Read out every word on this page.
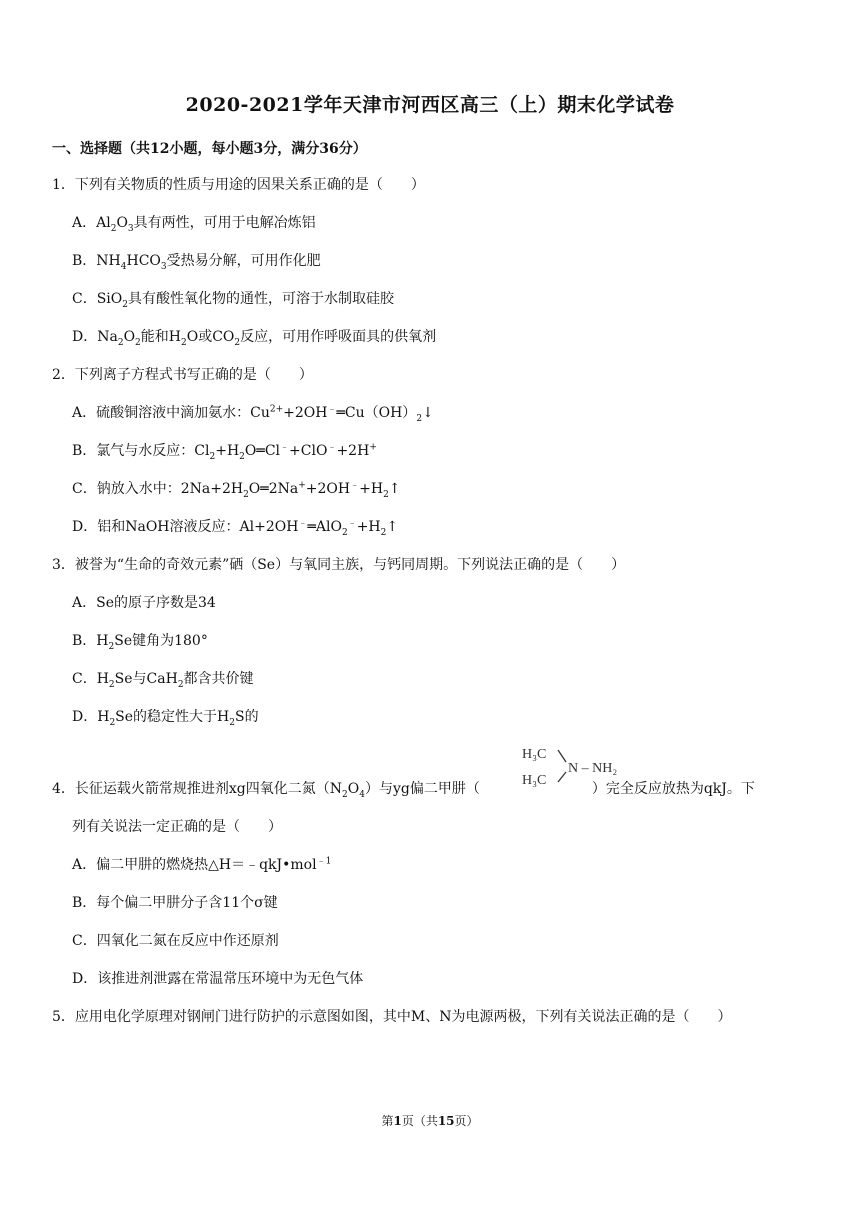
2020-2021学年天津市河西区高三（上）期末化学试卷
一、选择题（共12小题，每小题3分，满分36分）
1．下列有关物质的性质与用途的因果关系正确的是（　　）
A．$Al_2O_3$具有两性，可用于电解冶炼铝
B．$NH_4HCO_3$受热易分解，可用作化肥
C．SiO$_2$具有酸性氧化物的通性，可溶于水制取硅胶
D．$Na_2O_2$能和$H_2O$或$CO_2$反应，可用作呼吸面具的供氧剂
2．下列离子方程式书写正确的是（　　）
A．硫酸铜溶液中滴加氨水：$Cu^{2+}+2OH^﹣═Cu(OH)_2↓$
B．氯气与水反应：$Cl_2+H_2O═Cl^﹣+ClO^﹣+2H^+$
C．钠放入水中：$2Na+2H_2O═2Na^++2OH^﹣+H_2↑$
D．铝和NaOH溶液反应：$Al+2OH^﹣═AlO_2^﹣+H_2↑$
3．被誉为“生命的奇效元素”硒（Se）与氧同主族，与钙同周期。下列说法正确的是（　　）
A．Se的原子序数是34
B．$H_2Se$键角为180°
C．$H_2Se$与CaH$_2$都含共价键
D．$H_2Se$的稳定性大于$H_2S$的
H₃C
H₃C
N – NH₂
4．长征运载火箭常规推进剂xg四氧化二氮$(N_2O_4)$与yg偏二甲肼（	）完全反应放热为qkJ。下
列有关说法一定正确的是（　　）
A．偏二甲肼的燃烧热△H＝﹣qkJ•mol$^{﹣1}$
B．每个偏二甲肼分子含11个σ键
C．四氧化二氮在反应中作还原剂
D．该推进剂泄露在常温常压环境中为无色气体
5．应用电化学原理对钢闸门进行防护的示意图如图，其中M、N为电源两极，下列有关说法正确的是（　　）
第1页（共15页）
